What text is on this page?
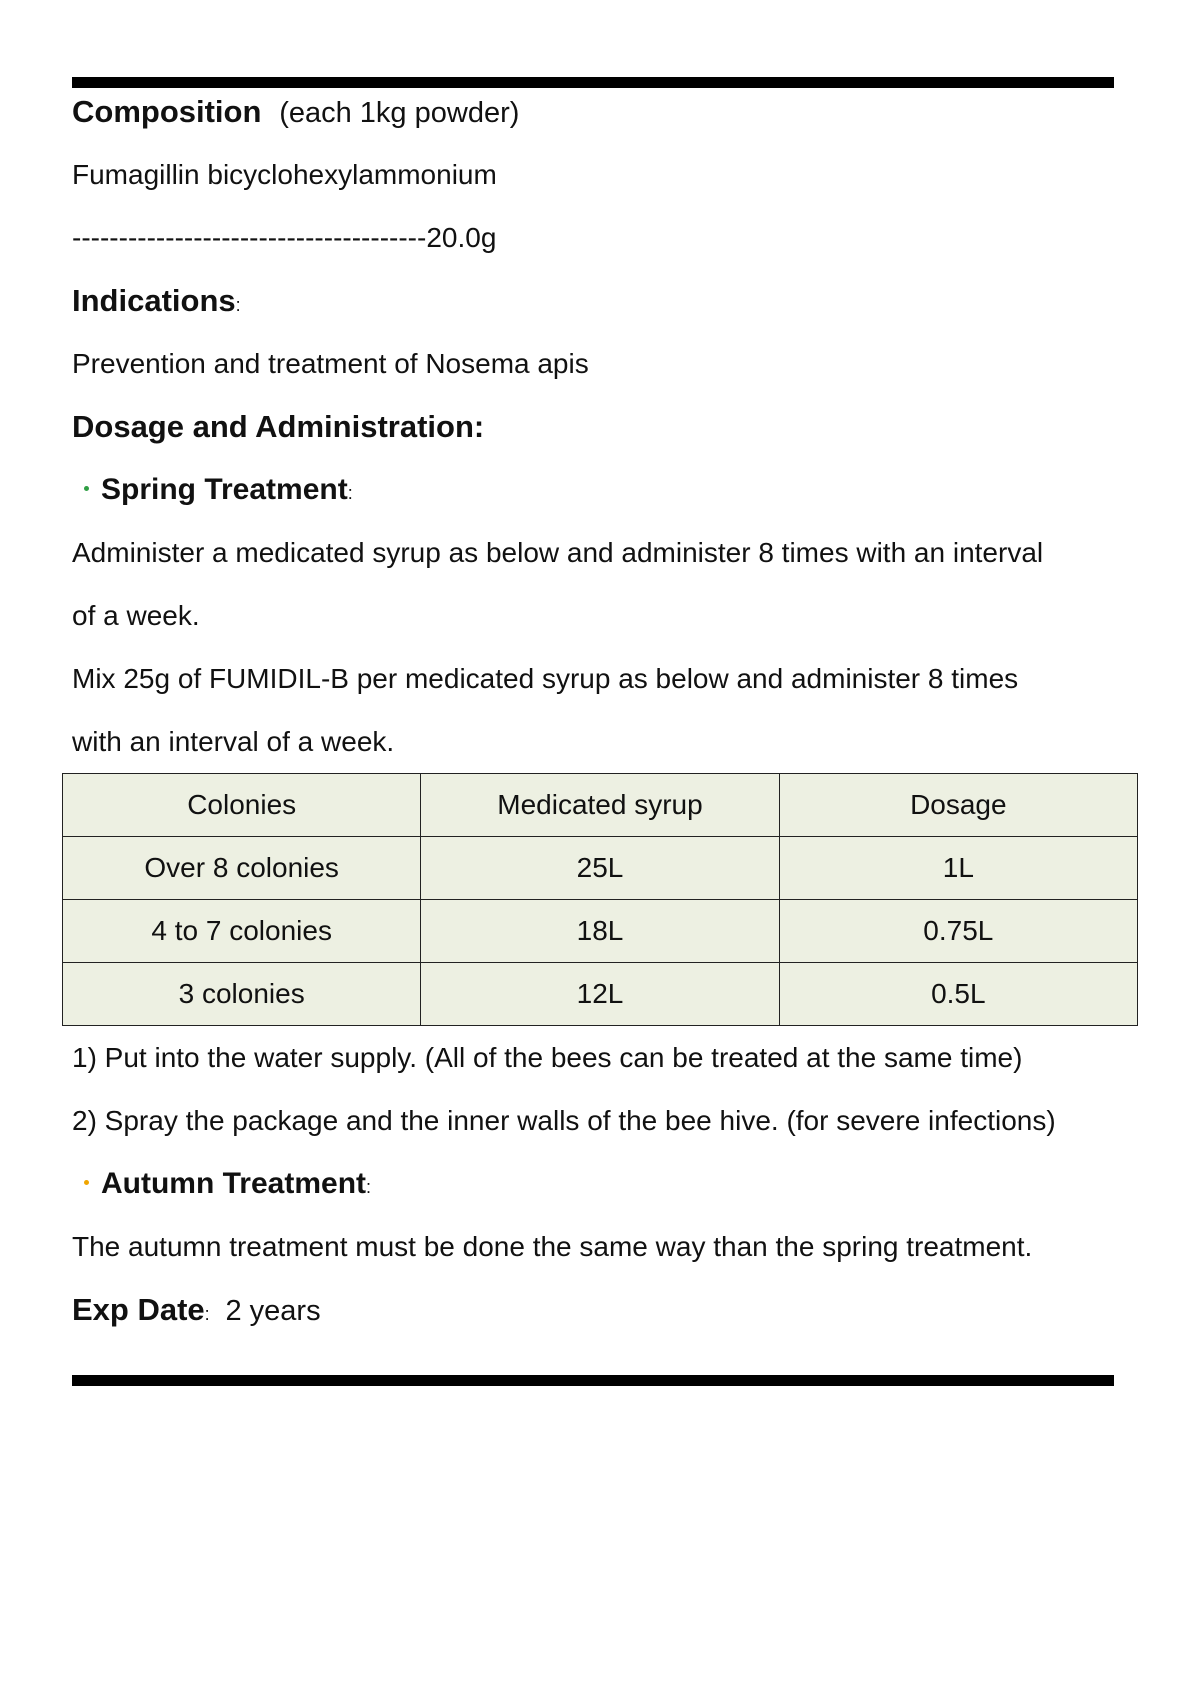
Composition (each 1kg powder)
Fumagillin bicyclohexylammonium
--------------------------------------20.0g
Indications:
Prevention and treatment of Nosema apis
Dosage and Administration:
Spring Treatment:
Administer a medicated syrup as below and administer 8 times with an interval
of a week.
Mix 25g of FUMIDIL-B per medicated syrup as below and administer 8 times
with an interval of a week.
Colonies	Medicated syrup	Dosage
Over 8 colonies	25L	1L
4 to 7 colonies	18L	0.75L
3 colonies	12L	0.5L
1) Put into the water supply. (All of the bees can be treated at the same time)
2) Spray the package and the inner walls of the bee hive. (for severe infections)
Autumn Treatment:
The autumn treatment must be done the same way than the spring treatment.
Exp Date: 2 years
